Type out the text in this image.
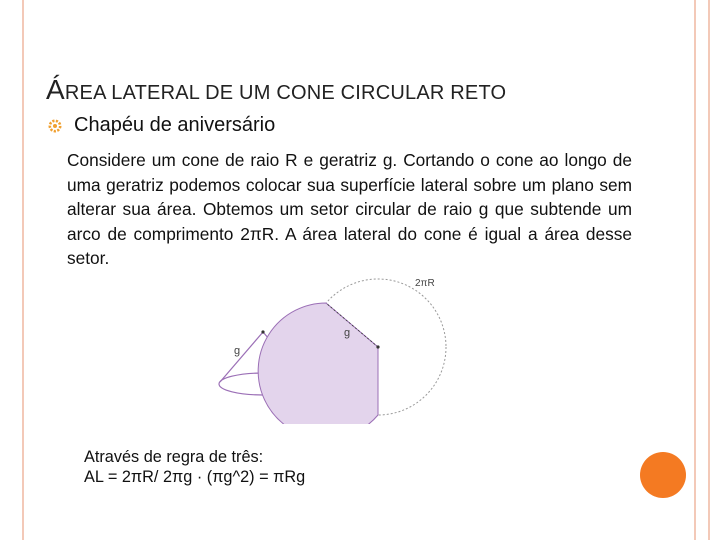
ÁREA LATERAL DE UM CONE CIRCULAR RETO
Chapéu de aniversário
Considere um cone de raio R e geratriz g. Cortando o cone ao longo de uma geratriz podemos colocar sua superfície lateral sobre um plano sem alterar sua área. Obtemos um setor circular de raio g que subtende um arco de comprimento 2πR. A área lateral do cone é igual a área desse setor.
g
g
2πR
Através de regra de três:
AL = 2πR/ 2πg · (πg^2) = πRg
